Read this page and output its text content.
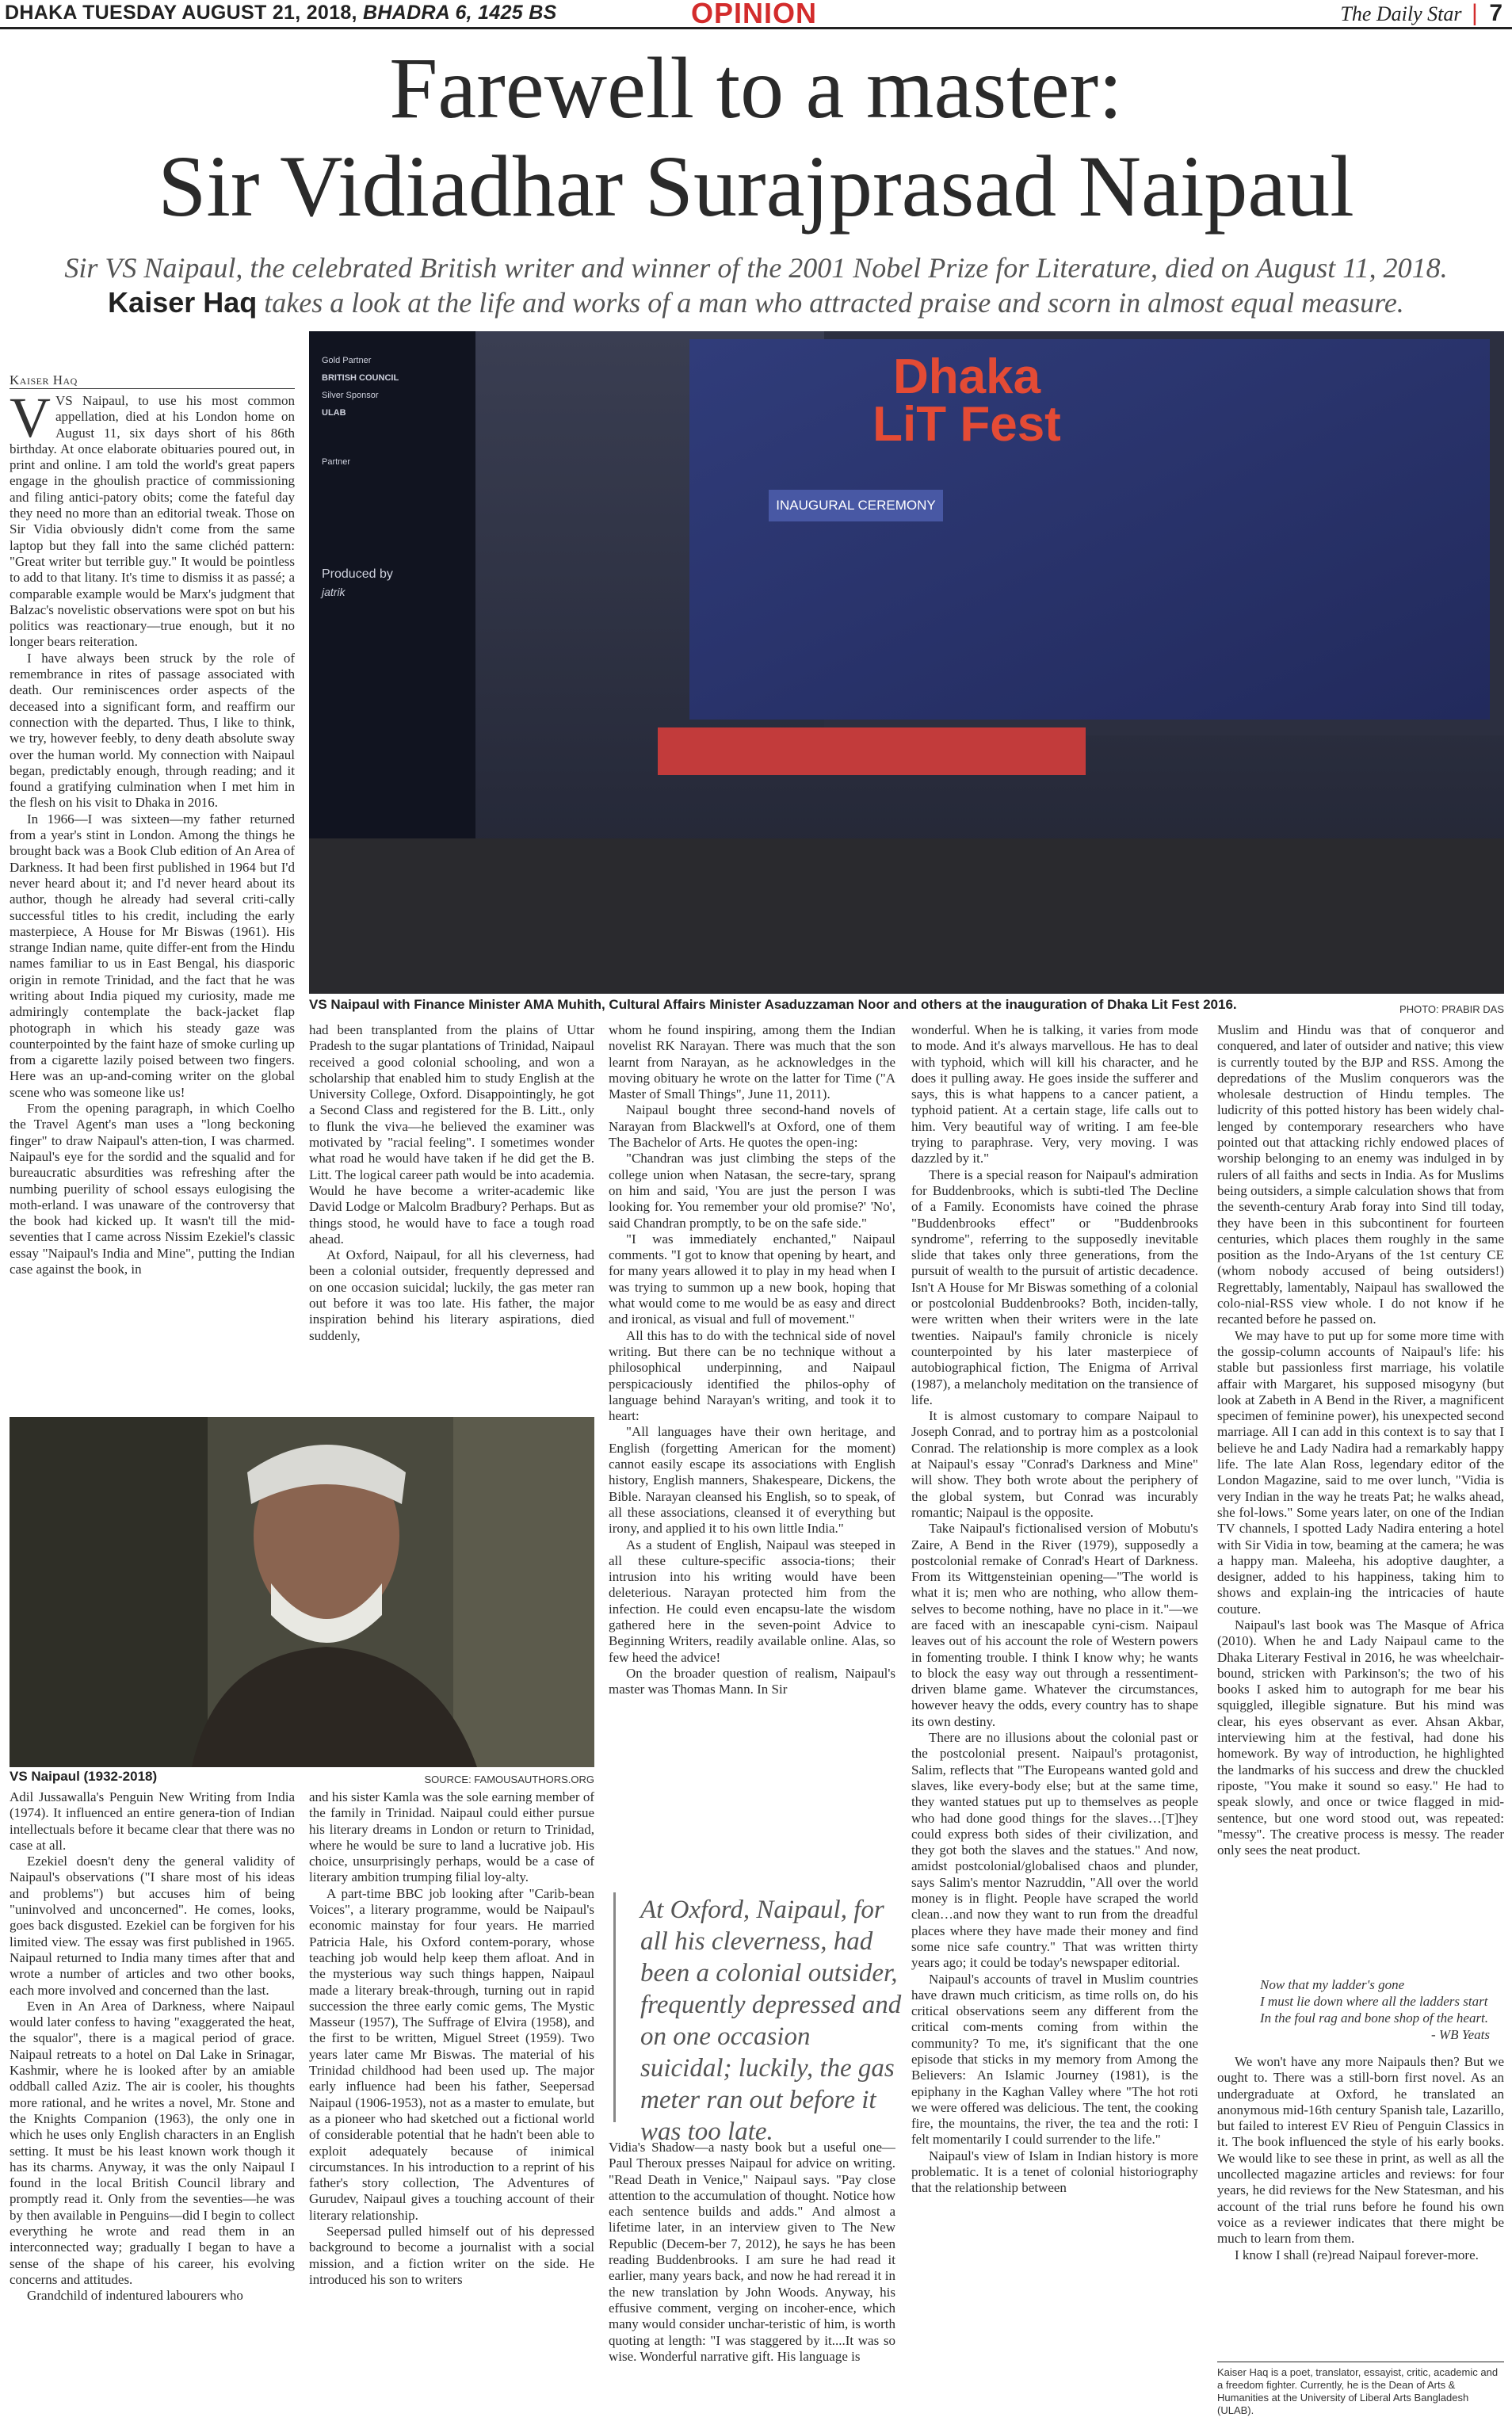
DHAKA TUESDAY AUGUST 21, 2018, BHADRA 6, 1425 BS	OPINION	The Daily Star | 7
Farewell to a master:
Sir Vidiadhar Surajprasad Naipaul
Sir VS Naipaul, the celebrated British writer and winner of the 2001 Nobel Prize for Literature, died on August 11, 2018.
Kaiser Haq takes a look at the life and works of a man who attracted praise and scorn in almost equal measure.
Kaiser Haq

VVS Naipaul, to use his most common appellation, died at his London home on August 11, six days short of his 86th birthday. At once elaborate obituaries poured out, in print and online. I am told the world's great papers engage in the ghoulish practice of commissioning and filing antici-patory obits; come the fateful day they need no more than an editorial tweak. Those on Sir Vidia obviously didn't come from the same laptop but they fall into the same clichéd pattern: "Great writer but terrible guy." It would be pointless to add to that litany. It's time to dismiss it as passé; a comparable example would be Marx's judgment that Balzac's novelistic observations were spot on but his politics was reactionary—true enough, but it no longer bears reiteration.

I have always been struck by the role of remembrance in rites of passage associated with death. Our reminiscences order aspects of the deceased into a significant form, and reaffirm our connection with the departed. Thus, I like to think, we try, however feebly, to deny death absolute sway over the human world. My connection with Naipaul began, predictably enough, through reading; and it found a gratifying culmination when I met him in the flesh on his visit to Dhaka in 2016.

In 1966—I was sixteen—my father returned from a year's stint in London. Among the things he brought back was a Book Club edition of An Area of Darkness. It had been first published in 1964 but I'd never heard about it; and I'd never heard about its author, though he already had several criti-cally successful titles to his credit, including the early masterpiece, A House for Mr Biswas (1961). His strange Indian name, quite differ-ent from the Hindu names familiar to us in East Bengal, his diasporic origin in remote Trinidad, and the fact that he was writing about India piqued my curiosity, made me admiringly contemplate the back-jacket flap photograph in which his steady gaze was counterpointed by the faint haze of smoke curling up from a cigarette lazily poised between two fingers. Here was an up-and-coming writer on the global scene who was someone like us!

From the opening paragraph, in which Coelho the Travel Agent's man uses a "long beckoning finger" to draw Naipaul's atten-tion, I was charmed. Naipaul's eye for the sordid and the squalid and for bureaucratic absurdities was refreshing after the numbing puerility of school essays eulogising the moth-erland. I was unaware of the controversy that the book had kicked up. It wasn't till the mid-seventies that I came across Nissim Ezekiel's classic essay "Naipaul's India and Mine", putting the Indian case against the book, in

Gold Partner
BRITISH COUNCIL
Silver Sponsor
ULAB
Partner
Produced by
jatrik
Dhaka
LiT Fest
INAUGURAL CEREMONY
VS Naipaul with Finance Minister AMA Muhith, Cultural Affairs Minister Asaduzzaman Noor and others at the inauguration of Dhaka Lit Fest 2016.	PHOTO: PRABIR DAS

had been transplanted from the plains of Uttar Pradesh to the sugar plantations of Trinidad, Naipaul received a good colonial schooling, and won a scholarship that enabled him to study English at the University College, Oxford. Disappointingly, he got a Second Class and registered for the B. Litt., only to flunk the viva—he believed the examiner was motivated by "racial feeling". I sometimes wonder what road he would have taken if he did get the B. Litt. The logical career path would be into academia. Would he have become a writer-academic like David Lodge or Malcolm Bradbury? Perhaps. But as things stood, he would have to face a tough road ahead.

At Oxford, Naipaul, for all his cleverness, had been a colonial outsider, frequently depressed and on one occasion suicidal; luckily, the gas meter ran out before it was too late. His father, the major inspiration behind his literary aspirations, died suddenly,

VS Naipaul (1932-2018)	SOURCE: FAMOUSAUTHORS.ORG

whom he found inspiring, among them the Indian novelist RK Narayan. There was much that the son learnt from Narayan, as he acknowledges in the moving obituary he wrote on the latter for Time ("A Master of Small Things", June 11, 2011).

Naipaul bought three second-hand novels of Narayan from Blackwell's at Oxford, one of them The Bachelor of Arts. He quotes the open-ing:

"Chandran was just climbing the steps of the college union when Natasan, the secre-tary, sprang on him and said, 'You are just the person I was looking for. You remember your old promise?' 'No', said Chandran promptly, to be on the safe side."

"I was immediately enchanted," Naipaul comments. "I got to know that opening by heart, and for many years allowed it to play in my head when I was trying to summon up a new book, hoping that what would come to me would be as easy and direct and ironical, as visual and full of movement."

All this has to do with the technical side of novel writing. But there can be no technique without a philosophical underpinning, and Naipaul perspicaciously identified the philos-ophy of language behind Narayan's writing, and took it to heart:

"All languages have their own heritage, and English (forgetting American for the moment) cannot easily escape its associations with English history, English manners, Shakespeare, Dickens, the Bible. Narayan cleansed his English, so to speak, of all these associations, cleansed it of everything but irony, and applied it to his own little India."

As a student of English, Naipaul was steeped in all these culture-specific associa-tions; their intrusion into his writing would have been deleterious. Narayan protected him from the infection. He could even encapsu-late the wisdom gathered here in the seven-point Advice to Beginning Writers, readily available online. Alas, so few heed the advice!

On the broader question of realism, Naipaul's master was Thomas Mann. In Sir

At Oxford, Naipaul, for all his cleverness, had been a colonial outsider, frequently depressed and on one occasion suicidal; luckily, the gas meter ran out before it was too late.

Vidia's Shadow—a nasty book but a useful one—Paul Theroux presses Naipaul for advice on writing. "Read Death in Venice," Naipaul says. "Pay close attention to the accumulation of thought. Notice how each sentence builds and adds." And almost a lifetime later, in an interview given to The New Republic (Decem-ber 7, 2012), he says he has been reading Buddenbrooks. I am sure he had read it earlier, many years back, and now he had reread it in the new translation by John Woods. Anyway, his effusive comment, verging on incoher-ence, which many would consider unchar-teristic of him, is worth quoting at length: "I was staggered by it....It was so wise. Wonderful narrative gift. His language is

wonderful. When he is talking, it varies from mode to mode. And it's always marvellous. He has to deal with typhoid, which will kill his character, and he does it pulling away. He goes inside the sufferer and says, this is what happens to a cancer patient, a typhoid patient. At a certain stage, life calls out to him. Very beautiful way of writing. I am fee-ble trying to paraphrase. Very, very moving. I was dazzled by it."

There is a special reason for Naipaul's admiration for Buddenbrooks, which is subti-tled The Decline of a Family. Economists have coined the phrase "Buddenbrooks effect" or "Buddenbrooks syndrome", referring to the supposedly inevitable slide that takes only three generations, from the pursuit of wealth to the pursuit of artistic decadence. Isn't A House for Mr Biswas something of a colonial or postcolonial Buddenbrooks? Both, inciden-tally, were written when their writers were in the late twenties. Naipaul's family chronicle is nicely counterpointed by his later masterpiece of autobiographical fiction, The Enigma of Arrival (1987), a melancholy meditation on the transience of life.

It is almost customary to compare Naipaul to Joseph Conrad, and to portray him as a postcolonial Conrad. The relationship is more complex as a look at Naipaul's essay "Conrad's Darkness and Mine" will show. They both wrote about the periphery of the global system, but Conrad was incurably romantic; Naipaul is the opposite.

Take Naipaul's fictionalised version of Mobutu's Zaire, A Bend in the River (1979), supposedly a postcolonial remake of Conrad's Heart of Darkness. From its Wittgensteinian opening—"The world is what it is; men who are nothing, who allow them-selves to become nothing, have no place in it."—we are faced with an inescapable cyni-cism. Naipaul leaves out of his account the role of Western powers in fomenting trouble. I think I know why; he wants to block the easy way out through a ressentiment-driven blame game. Whatever the circumstances, however heavy the odds, every country has to shape its own destiny.

There are no illusions about the colonial past or the postcolonial present. Naipaul's protagonist, Salim, reflects that "The Europeans wanted gold and slaves, like every-body else; but at the same time, they wanted statues put up to themselves as people who had done good things for the slaves…[T]hey could express both sides of their civilization, and they got both the slaves and the statues." And now, amidst postcolonial/globalised chaos and plunder, says Salim's mentor Nazruddin, "All over the world money is in flight. People have scraped the world clean…and now they want to run from the dreadful places where they have made their money and find some nice safe country." That was written thirty years ago; it could be today's newspaper editorial.

Naipaul's accounts of travel in Muslim countries have drawn much criticism, as time rolls on, do his critical observations seem any different from the critical com-ments coming from within the community? To me, it's significant that the one episode that sticks in my memory from Among the Believers: An Islamic Journey (1981), is the epiphany in the Kaghan Valley where "The hot roti we were offered was delicious. The tent, the cooking fire, the mountains, the river, the tea and the roti: I felt momentarily I could surrender to the life."

Naipaul's view of Islam in Indian history is more problematic. It is a tenet of colonial historiography that the relationship between

Muslim and Hindu was that of conqueror and conquered, and later of outsider and native; this view is currently touted by the BJP and RSS. Among the depredations of the Muslim conquerors was the wholesale destruction of Hindu temples. The ludicrity of this potted history has been widely chal-lenged by contemporary researchers who have pointed out that attacking richly endowed places of worship belonging to an enemy was indulged in by rulers of all faiths and sects in India. As for Muslims being outsiders, a simple calculation shows that from the seventh-century Arab foray into Sind till today, they have been in this subcontinent for fourteen centuries, which places them roughly in the same position as the Indo-Aryans of the 1st century CE (whom nobody accused of being outsiders!) Regrettably, lamentably, Naipaul has swallowed the colo-nial-RSS view whole. I do not know if he recanted before he passed on.

We may have to put up for some more time with the gossip-column accounts of Naipaul's life: his stable but passionless first marriage, his volatile affair with Margaret, his supposed misogyny (but look at Zabeth in A Bend in the River, a magnificent specimen of feminine power), his unexpected second marriage. All I can add in this context is to say that I believe he and Lady Nadira had a remarkably happy life. The late Alan Ross, legendary editor of the London Magazine, said to me over lunch, "Vidia is very Indian in the way he treats Pat; he walks ahead, she fol-lows." Some years later, on one of the Indian TV channels, I spotted Lady Nadira entering a hotel with Sir Vidia in tow, beaming at the camera; he was a happy man. Maleeha, his adoptive daughter, a designer, added to his happiness, taking him to shows and explain-ing the intricacies of haute couture.

Naipaul's last book was The Masque of Africa (2010). When he and Lady Naipaul came to the Dhaka Literary Festival in 2016, he was wheelchair-bound, stricken with Parkinson's; the two of his books I asked him to autograph for me bear his squiggled, illegible signature. But his mind was clear, his eyes observant as ever. Ahsan Akbar, interviewing him at the festival, had done his homework. By way of introduction, he highlighted the landmarks of his success and drew the chuckled riposte, "You make it sound so easy." He had to speak slowly, and once or twice flagged in mid-sentence, but one word stood out, was repeated: "messy". The creative process is messy. The reader only sees the neat product.

Now that my ladder's gone
I must lie down where all the ladders start
In the foul rag and bone shop of the heart.
- WB Yeats

We won't have any more Naipauls then? But we ought to. There was a still-born first novel. As an undergraduate at Oxford, he translated an anonymous mid-16th century Spanish tale, Lazarillo, but failed to interest EV Rieu of Penguin Classics in it. The book influenced the style of his early books. We would like to see these in print, as well as all the uncollected magazine articles and reviews: for four years, he did reviews for the New Statesman, and his account of the trial runs before he found his own voice as a reviewer indicates that there might be much to learn from them.

I know I shall (re)read Naipaul forever-more.

Kaiser Haq is a poet, translator, essayist, critic, academic and a freedom fighter. Currently, he is the Dean of Arts & Humanities at the University of Liberal Arts Bangladesh (ULAB).

Adil Jussawalla's Penguin New Writing from India (1974). It influenced an entire genera-tion of Indian intellectuals before it became clear that there was no case at all.

Ezekiel doesn't deny the general validity of Naipaul's observations ("I share most of his ideas and problems") but accuses him of being "uninvolved and unconcerned". He comes, looks, goes back disgusted. Ezekiel can be forgiven for his limited view. The essay was first published in 1965. Naipaul returned to India many times after that and wrote a number of articles and two other books, each more involved and concerned than the last.

Even in An Area of Darkness, where Naipaul would later confess to having "exaggerated the heat, the squalor", there is a magical period of grace. Naipaul retreats to a hotel on Dal Lake in Srinagar, Kashmir, where he is looked after by an amiable oddball called Aziz. The air is cooler, his thoughts more rational, and he writes a novel, Mr. Stone and the Knights Companion (1963), the only one in which he uses only English characters in an English setting. It must be his least known work though it has its charms. Anyway, it was the only Naipaul I found in the local British Council library and promptly read it. Only from the seventies—he was by then available in Penguins—did I begin to collect everything he wrote and read them in an interconnected way; gradually I began to have a sense of the shape of his career, his evolving concerns and attitudes.

Grandchild of indentured labourers who

and his sister Kamla was the sole earning member of the family in Trinidad. Naipaul could either pursue his literary dreams in London or return to Trinidad, where he would be sure to land a lucrative job. His choice, unsurprisingly perhaps, would be a case of literary ambition trumping filial loy-alty.

A part-time BBC job looking after "Carib-bean Voices", a literary programme, would be Naipaul's economic mainstay for four years. He married Patricia Hale, his Oxford contem-porary, whose teaching job would help keep them afloat. And in the mysterious way such things happen, Naipaul made a literary break-through, turning out in rapid succession the three early comic gems, The Mystic Masseur (1957), The Suffrage of Elvira (1958), and the first to be written, Miguel Street (1959). Two years later came Mr Biswas. The material of his Trinidad childhood had been used up. The major early influence had been his father, Seepersad Naipaul (1906-1953), not as a master to emulate, but as a pioneer who had sketched out a fictional world of considerable potential that he hadn't been able to exploit adequately because of inimical circumstances. In his introduction to a reprint of his father's story collection, The Adventures of Gurudev, Naipaul gives a touching account of their literary relationship.

Seepersad pulled himself out of his depressed background to become a journalist with a social mission, and a fiction writer on the side. He introduced his son to writers
